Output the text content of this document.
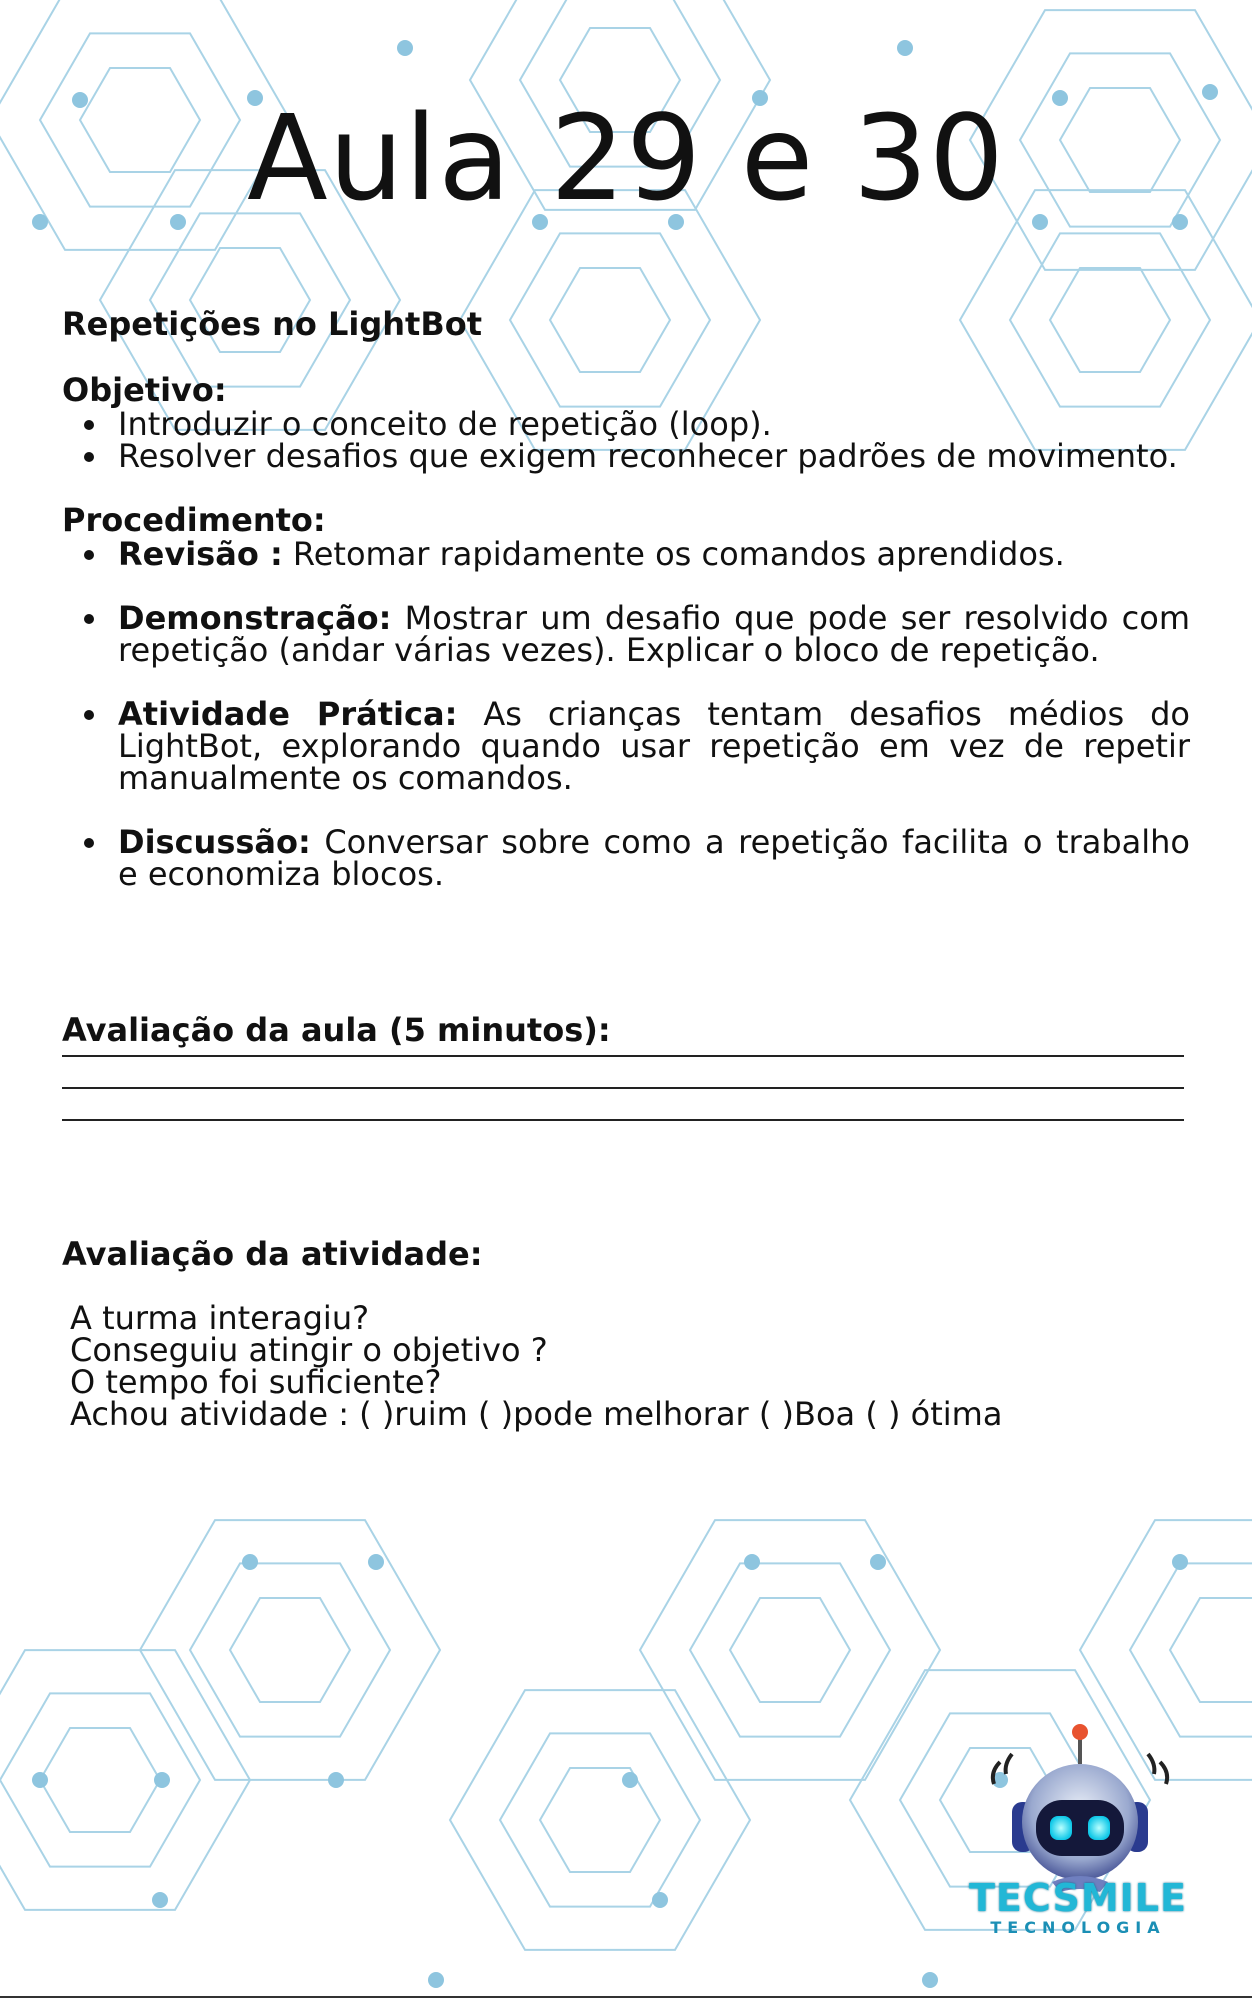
Aula 29 e 30

Repetições no LightBot

Objetivo:

Introduzir o conceito de repetição (loop).
Resolver desafios que exigem reconhecer padrões de movimento.

Procedimento:

Revisão : Retomar rapidamente os comandos aprendidos.
Demonstração: Mostrar um desafio que pode ser resolvido com repetição (andar várias vezes). Explicar o bloco de repetição.
Atividade Prática: As crianças tentam desafios médios do LightBot, explorando quando usar repetição em vez de repetir manualmente os comandos.
Discussão: Conversar sobre como a repetição facilita o trabalho e economiza blocos.

Avaliação da aula (5 minutos):

Avaliação da atividade:

A turma interagiu?
Conseguiu atingir o objetivo ?
O tempo foi suficiente?
Achou atividade : ( )ruim ( )pode melhorar ( )Boa ( ) ótima
TECSMILE
TECNOLOGIA
